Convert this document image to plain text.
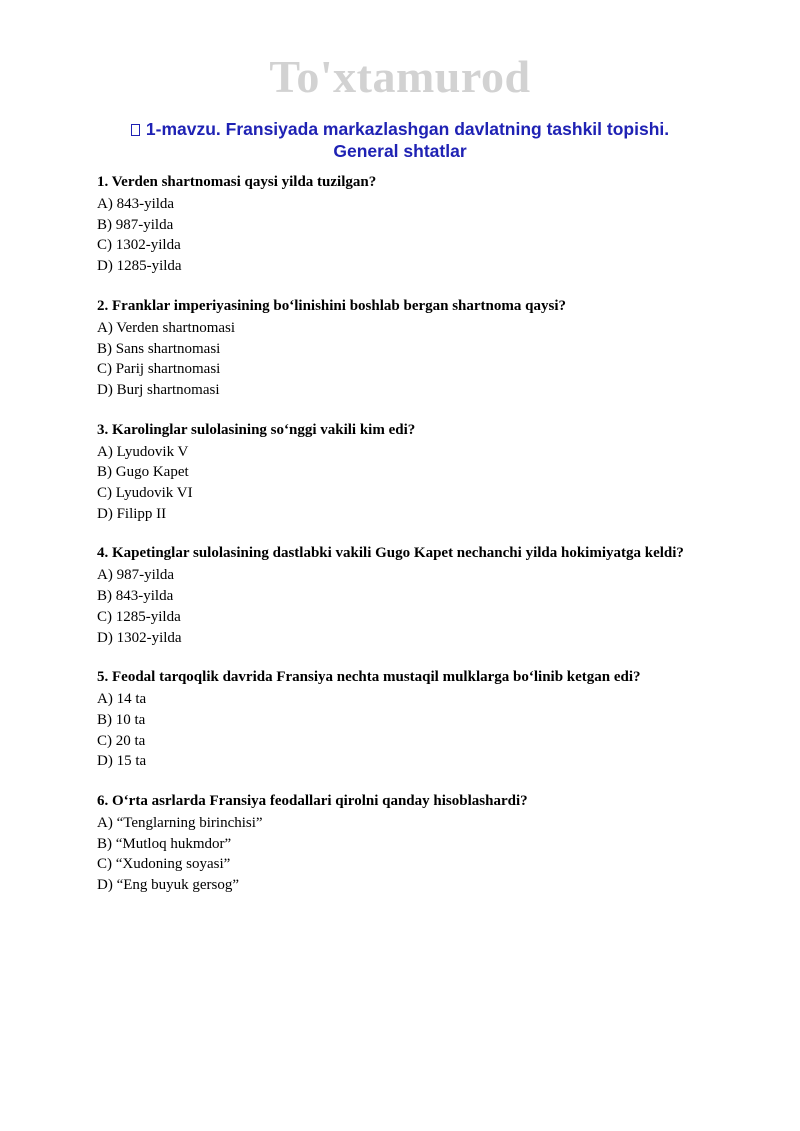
To'xtamurod
1-mavzu. Fransiyada markazlashgan davlatning tashkil topishi.
General shtatlar
1. Verden shartnomasi qaysi yilda tuzilgan?
A) 843-yilda
B) 987-yilda
C) 1302-yilda
D) 1285-yilda
2. Franklar imperiyasining bo‘linishini boshlab bergan shartnoma qaysi?
A) Verden shartnomasi
B) Sans shartnomasi
C) Parij shartnomasi
D) Burj shartnomasi
3. Karolinglar sulolasining so‘nggi vakili kim edi?
A) Lyudovik V
B) Gugo Kapet
C) Lyudovik VI
D) Filipp II
4. Kapetinglar sulolasining dastlabki vakili Gugo Kapet nechanchi yilda hokimiyatga keldi?
A) 987-yilda
B) 843-yilda
C) 1285-yilda
D) 1302-yilda
5. Feodal tarqoqlik davrida Fransiya nechta mustaqil mulklarga bo‘linib ketgan edi?
A) 14 ta
B) 10 ta
C) 20 ta
D) 15 ta
6. O‘rta asrlarda Fransiya feodallari qirolni qanday hisoblashardi?
A) “Tenglarning birinchisi”
B) “Mutloq hukmdor”
C) “Xudoning soyasi”
D) “Eng buyuk gersog”
